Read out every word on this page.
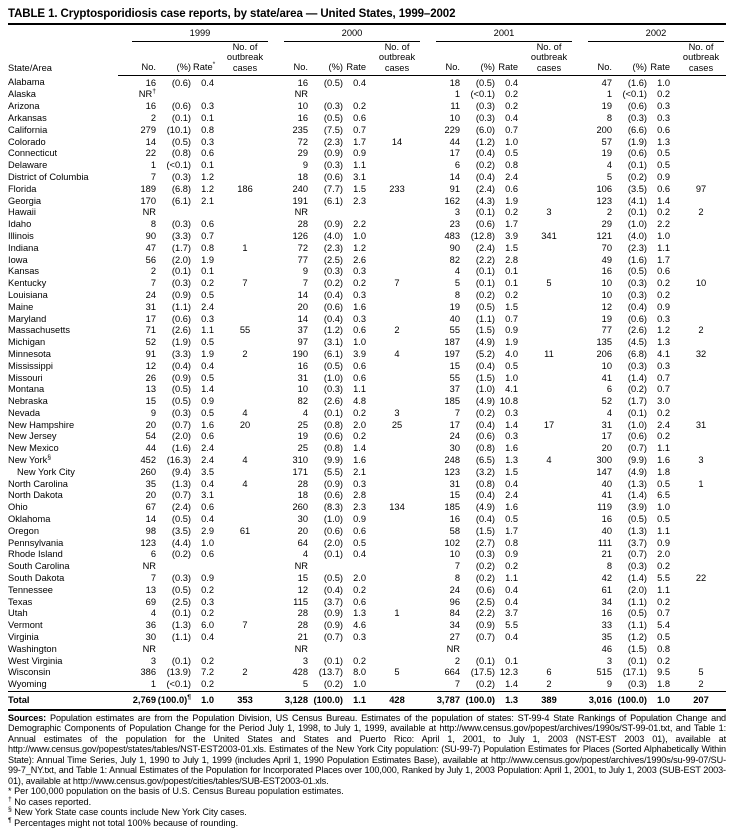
TABLE 1. Cryptosporidiosis case reports, by state/area — United States, 1999–2002
State/Area	1999				2000				2001				2002			

	No.	(%)	Rate*	No. of outbreak cases	No.	(%)	Rate	No. of outbreak cases	No.	(%)	Rate	No. of outbreak cases	No.	(%)	Rate	No. of outbreak cases

Alabama	16	(0.6)	0.4		16	(0.5)	0.4		18	(0.5)	0.4		47	(1.6)	1.0	
Alaska	NR†				NR				1	(<0.1)	0.2		1	(<0.1)	0.2	
Arizona	16	(0.6)	0.3		10	(0.3)	0.2		11	(0.3)	0.2		19	(0.6)	0.3	
Arkansas	2	(0.1)	0.1		16	(0.5)	0.6		10	(0.3)	0.4		8	(0.3)	0.3	
California	279	(10.1)	0.8		235	(7.5)	0.7		229	(6.0)	0.7		200	(6.6)	0.6	
Colorado	14	(0.5)	0.3		72	(2.3)	1.7	14	44	(1.2)	1.0		57	(1.9)	1.3	
Connecticut	22	(0.8)	0.6		29	(0.9)	0.9		17	(0.4)	0.5		19	(0.6)	0.5	
Delaware	1	(<0.1)	0.1		9	(0.3)	1.1		6	(0.2)	0.8		4	(0.1)	0.5	
District of Columbia	7	(0.3)	1.2		18	(0.6)	3.1		14	(0.4)	2.4		5	(0.2)	0.9	
Florida	189	(6.8)	1.2	186	240	(7.7)	1.5	233	91	(2.4)	0.6		106	(3.5)	0.6	97
Georgia	170	(6.1)	2.1		191	(6.1)	2.3		162	(4.3)	1.9		123	(4.1)	1.4	
Hawaii	NR				NR				3	(0.1)	0.2	3	2	(0.1)	0.2	2
Idaho	8	(0.3)	0.6		28	(0.9)	2.2		23	(0.6)	1.7		29	(1.0)	2.2	
Illinois	90	(3.3)	0.7		126	(4.0)	1.0		483	(12.8)	3.9	341	121	(4.0)	1.0	
Indiana	47	(1.7)	0.8	1	72	(2.3)	1.2		90	(2.4)	1.5		70	(2.3)	1.1	
Iowa	56	(2.0)	1.9		77	(2.5)	2.6		82	(2.2)	2.8		49	(1.6)	1.7	
Kansas	2	(0.1)	0.1		9	(0.3)	0.3		4	(0.1)	0.1		16	(0.5)	0.6	
Kentucky	7	(0.3)	0.2	7	7	(0.2)	0.2	7	5	(0.1)	0.1	5	10	(0.3)	0.2	10
Louisiana	24	(0.9)	0.5		14	(0.4)	0.3		8	(0.2)	0.2		10	(0.3)	0.2	
Maine	31	(1.1)	2.4		20	(0.6)	1.6		19	(0.5)	1.5		12	(0.4)	0.9	
Maryland	17	(0.6)	0.3		14	(0.4)	0.3		40	(1.1)	0.7		19	(0.6)	0.3	
Massachusetts	71	(2.6)	1.1	55	37	(1.2)	0.6	2	55	(1.5)	0.9		77	(2.6)	1.2	2
Michigan	52	(1.9)	0.5		97	(3.1)	1.0		187	(4.9)	1.9		135	(4.5)	1.3	
Minnesota	91	(3.3)	1.9	2	190	(6.1)	3.9	4	197	(5.2)	4.0	11	206	(6.8)	4.1	32
Mississippi	12	(0.4)	0.4		16	(0.5)	0.6		15	(0.4)	0.5		10	(0.3)	0.3	
Missouri	26	(0.9)	0.5		31	(1.0)	0.6		55	(1.5)	1.0		41	(1.4)	0.7	
Montana	13	(0.5)	1.4		10	(0.3)	1.1		37	(1.0)	4.1		6	(0.2)	0.7	
Nebraska	15	(0.5)	0.9		82	(2.6)	4.8		185	(4.9)	10.8		52	(1.7)	3.0	
Nevada	9	(0.3)	0.5	4	4	(0.1)	0.2	3	7	(0.2)	0.3		4	(0.1)	0.2	
New Hampshire	20	(0.7)	1.6	20	25	(0.8)	2.0	25	17	(0.4)	1.4	17	31	(1.0)	2.4	31
New Jersey	54	(2.0)	0.6		19	(0.6)	0.2		24	(0.6)	0.3		17	(0.6)	0.2	
New Mexico	44	(1.6)	2.4		25	(0.8)	1.4		30	(0.8)	1.6		20	(0.7)	1.1	
New York§	452	(16.3)	2.4	4	310	(9.9)	1.6		248	(6.5)	1.3	4	300	(9.9)	1.6	3
New York City	260	(9.4)	3.5		171	(5.5)	2.1		123	(3.2)	1.5		147	(4.9)	1.8	
North Carolina	35	(1.3)	0.4	4	28	(0.9)	0.3		31	(0.8)	0.4		40	(1.3)	0.5	1
North Dakota	20	(0.7)	3.1		18	(0.6)	2.8		15	(0.4)	2.4		41	(1.4)	6.5	
Ohio	67	(2.4)	0.6		260	(8.3)	2.3	134	185	(4.9)	1.6		119	(3.9)	1.0	
Oklahoma	14	(0.5)	0.4		30	(1.0)	0.9		16	(0.4)	0.5		16	(0.5)	0.5	
Oregon	98	(3.5)	2.9	61	20	(0.6)	0.6		58	(1.5)	1.7		40	(1.3)	1.1	
Pennsylvania	123	(4.4)	1.0		64	(2.0)	0.5		102	(2.7)	0.8		111	(3.7)	0.9	
Rhode Island	6	(0.2)	0.6		4	(0.1)	0.4		10	(0.3)	0.9		21	(0.7)	2.0	
South Carolina	NR				NR				7	(0.2)	0.2		8	(0.3)	0.2	
South Dakota	7	(0.3)	0.9		15	(0.5)	2.0		8	(0.2)	1.1		42	(1.4)	5.5	22
Tennessee	13	(0.5)	0.2		12	(0.4)	0.2		24	(0.6)	0.4		61	(2.0)	1.1	
Texas	69	(2.5)	0.3		115	(3.7)	0.6		96	(2.5)	0.4		34	(1.1)	0.2	
Utah	4	(0.1)	0.2		28	(0.9)	1.3	1	84	(2.2)	3.7		16	(0.5)	0.7	
Vermont	36	(1.3)	6.0	7	28	(0.9)	4.6		34	(0.9)	5.5		33	(1.1)	5.4	
Virginia	30	(1.1)	0.4		21	(0.7)	0.3		27	(0.7)	0.4		35	(1.2)	0.5	
Washington	NR				NR				NR				46	(1.5)	0.8	
West Virginia	3	(0.1)	0.2		3	(0.1)	0.2		2	(0.1)	0.1		3	(0.1)	0.2	
Wisconsin	386	(13.9)	7.2	2	428	(13.7)	8.0	5	664	(17.5)	12.3	6	515	(17.1)	9.5	5
Wyoming	1	(<0.1)	0.2		5	(0.2)	1.0		7	(0.2)	1.4	2	9	(0.3)	1.8	2
Total	2,769	(100.0)¶	1.0	353	3,128	(100.0)	1.1	428	3,787	(100.0)	1.3	389	3,016	(100.0)	1.0	207

Sources: Population estimates are from the Population Division, US Census Bureau. Estimates of the population of states: ST-99-4 State Rankings of Population Change and Demographic Components of Population Change for the Period July 1, 1998, to July 1, 1999, available at http://www.census.gov/popest/archives/1990s/ST-99-01.txt, and Table 1: Annual estimates of the population for the United States and States and Puerto Rico: April 1, 2001, to July 1, 2003 (NST-EST 2003 01), available at http://www.census.gov/popest/states/tables/NST-EST2003-01.xls. Estimates of the New York City population: (SU-99-7) Population Estimates for Places (Sorted Alphabetically Within State): Annual Time Series, July 1, 1990 to July 1, 1999 (includes April 1, 1990 Population Estimates Base), available at http://www.census.gov/popest/archives/1990s/su-99-07/SU-99-7_NY.txt, and Table 1: Annual Estimates of the Population for Incorporated Places over 100,000, Ranked by July 1, 2003 Population: April 1, 2001, to July 1, 2003 (SUB-EST 2003-01), available at http://www.census.gov/popest/cities/tables/SUB-EST2003-01.xls.

* Per 100,000 population on the basis of U.S. Census Bureau population estimates.
† No cases reported.
§ New York State case counts include New York City cases.
¶ Percentages might not total 100% because of rounding.
